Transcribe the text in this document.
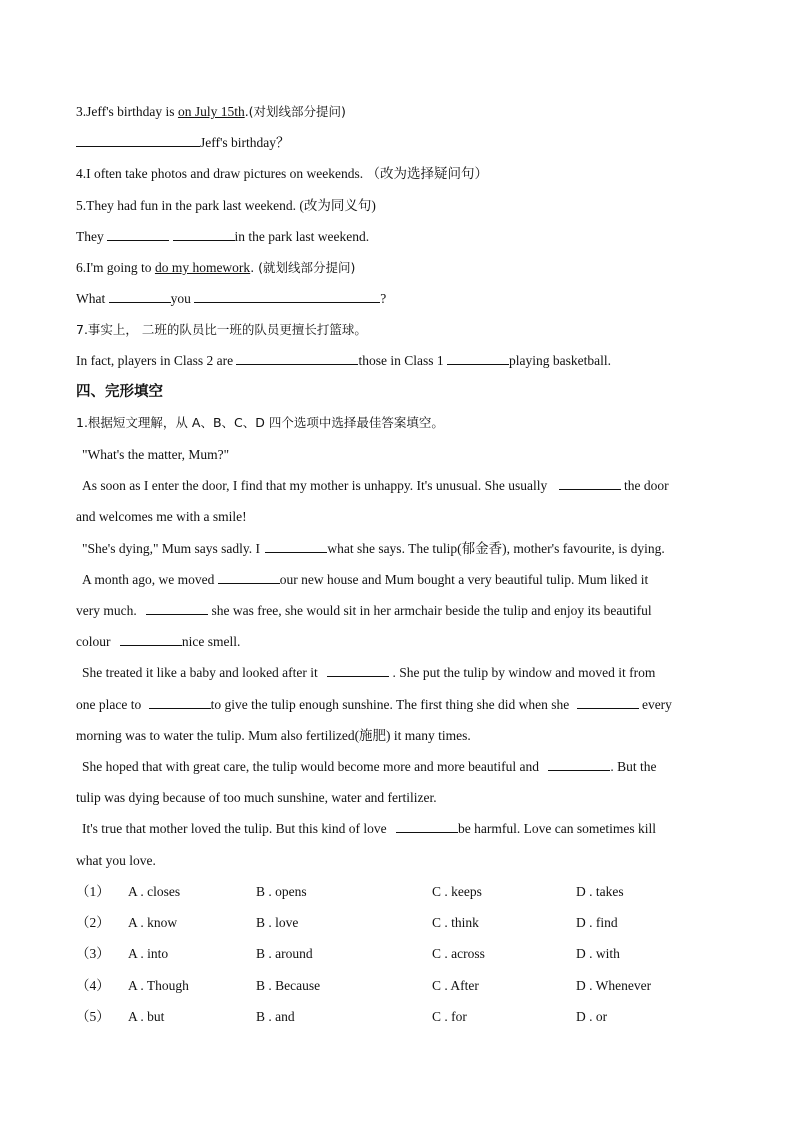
3.Jeff's birthday is on July 15th.(对划线部分提问)
Jeff's birthday？
4.I often take photos and draw pictures on weekends. （改为选择疑问句）
5.They had fun in the park last weekend. (改为同义句)
They	in the park last weekend.
6.I'm going to do my homework. (就划线部分提问)
What	you	?
7.事实上， 二班的队员比一班的队员更擅长打篮球。
In fact, players in Class 2 are	those in Class 1	playing basketball.
四、完形填空
1.根据短文理解，从 A、B、C、D 四个选项中选择最佳答案填空。
"What's the matter, Mum?"
As soon as I enter the door, I find that my mother is unhappy. It's unusual. She usually	the door
and welcomes me with a smile!
"She's dying," Mum says sadly. I	what she says. The tulip(郁金香), mother's favourite, is dying.
A month ago, we moved	our new house and Mum bought a very beautiful tulip. Mum liked it
very much.	she was free, she would sit in her armchair beside the tulip and enjoy its beautiful
colour	nice smell.
She treated it like a baby and looked after it	. She put the tulip by window and moved it from
one place to	to give the tulip enough sunshine. The first thing she did when she	every
morning was to water the tulip. Mum also fertilized(施肥) it many times.
She hoped that with great care, the tulip would become more and more beautiful and	. But the
tulip was dying because of too much sunshine, water and fertilizer.
It's true that mother loved the tulip. But this kind of love	be harmful. Love can sometimes kill
what you love.
（1） A . closes	B . opens	C . keeps	D . takes
（2） A . know	B . love	C . think	D . find
（3） A . into	B . around	C . across	D . with
（4） A . Though	B . Because	C . After	D . Whenever
（5） A . but	B . and	C . for	D . or
